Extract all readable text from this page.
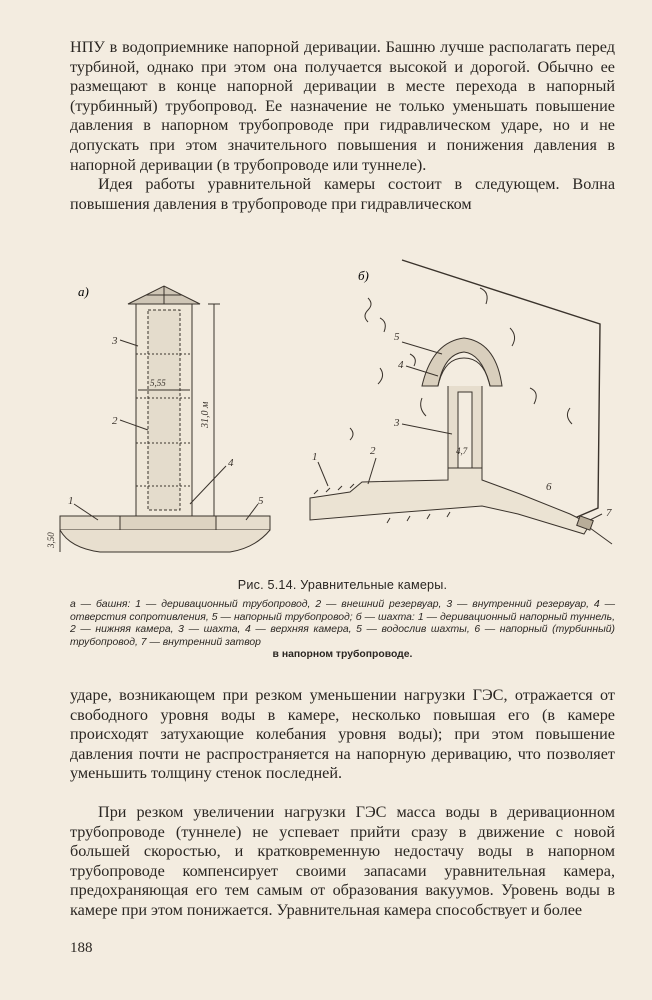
НПУ в водоприемнике напорной деривации. Башню лучше располагать перед турбиной, однако при этом она получается высокой и дорогой. Обычно ее размещают в конце напорной деривации в месте перехода в напорный (турбинный) трубопровод. Ее назначение не только уменьшать повышение давления в напорном трубопроводе при гидравлическом ударе, но и не допускать при этом значительного повышения и понижения давления в напорной деривации (в трубопроводе или туннеле).
Идея работы уравнительной камеры состоит в следующем. Волна повышения давления в трубопроводе при гидравлическом

а)
3
2
4
1	5
5,55
31,0 м
3,50
б)
1	2
3
4
5
6
7
4,7
Рис. 5.14. Уравнительные камеры.

а — башня: 1 — деривационный трубопровод, 2 — внешний резервуар, 3 — внутренний резервуар, 4 — отверстия сопротивления, 5 — напорный трубопровод; б — шахта: 1 — деривационный напорный туннель, 2 — нижняя камера, 3 — шахта, 4 — верхняя камера, 5 — водослив шахты, 6 — напорный (турбинный) трубопровод, 7 — внутренний затвор
в напорном трубопроводе.

ударе, возникающем при резком уменьшении нагрузки ГЭС, отражается от свободного уровня воды в камере, несколько повышая его (в камере происходят затухающие колебания уровня воды); при этом повышение давления почти не распространяется на напорную деривацию, что позволяет уменьшить толщину стенок последней.

При резком увеличении нагрузки ГЭС масса воды в деривационном трубопроводе (туннеле) не успевает прийти сразу в движение с новой большей скоростью, и кратковременную недостачу воды в напорном трубопроводе компенсирует своими запасами уравнительная камера, предохраняющая его тем самым от образования вакуумов. Уровень воды в камере при этом понижается. Уравнительная камера способствует и более

188
